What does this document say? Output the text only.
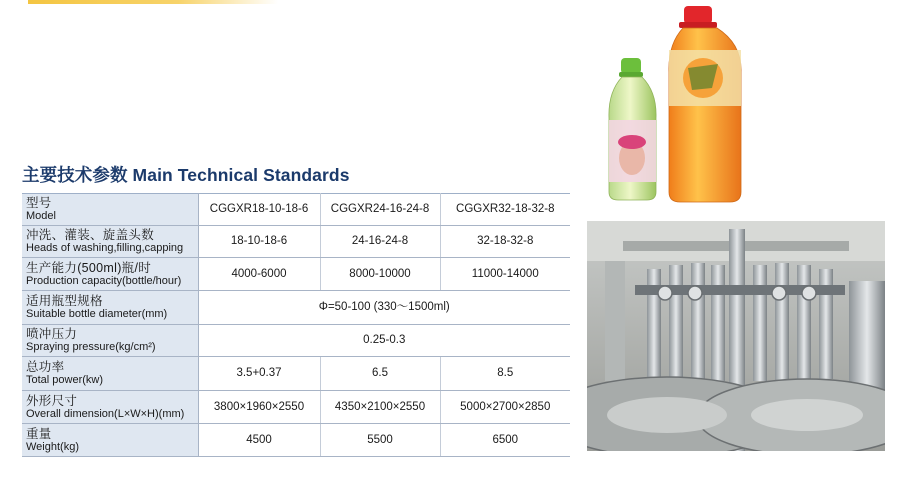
主要技术参数 Main Technical Standards
型号
Model	CGGXR18-10-18-6	CGGXR24-16-24-8	CGGXR32-18-32-8

冲洗、灌装、旋盖头数
Heads of washing,filling,capping	18-10-18-6	24-16-24-8	32-18-32-8

生产能力(500ml)瓶/时
Production capacity(bottle/hour)	4000-6000	8000-10000	11000-14000

适用瓶型规格
Suitable bottle diameter(mm)	Φ=50-100 (330～1500ml)		

喷冲压力
Spraying pressure(kg/cm²)	0.25-0.3		

总功率
Total power(kw)	3.5+0.37	6.5	8.5

外形尺寸
Overall dimension(L×W×H)(mm)	3800×1960×2550	4350×2100×2550	5000×2700×2850

重量
Weight(kg)	4500	5500	6500
